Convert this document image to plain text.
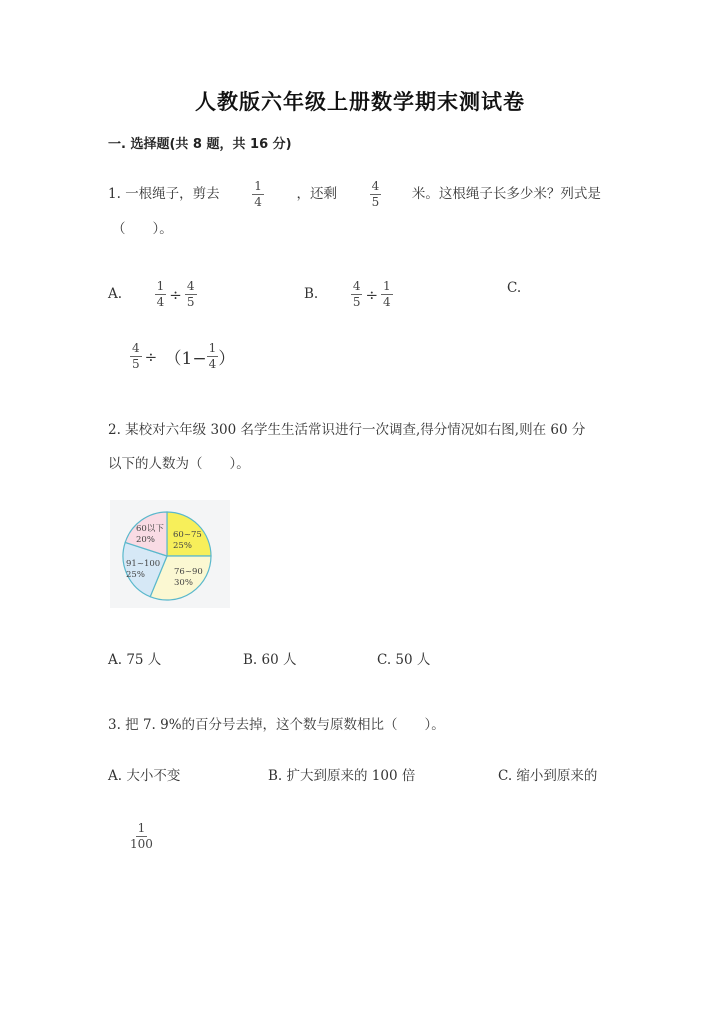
人教版六年级上册数学期末测试卷
一. 选择题(共 8 题，共 16 分)
1. 一根绳子，剪去	$\frac{1}{4}$ ，还剩	$\frac{4}{5}$ 米。这根绳子长多少米？列式是
（　　）。
A.	$\frac{1}{4} \div \frac{4}{5}$	B.	$\frac{4}{5} \div \frac{1}{4}$	C.
$\frac{4}{5} \div (1- \frac{1}{4}$ ）
2. 某校对六年级 300 名学生生活常识进行一次调查,得分情况如右图,则在 60 分
以下的人数为（　　）。
60以下
20% 60~75
25%
76~90
30%
91~100
25%
A. 75 人	B. 60 人	C. 50 人
3. 把 7. 9%的百分号去掉，这个数与原数相比（　　）。
A. 大小不变	B. 扩大到原来的 100 倍	C. 缩小到原来的
$\frac{1}{100}$
